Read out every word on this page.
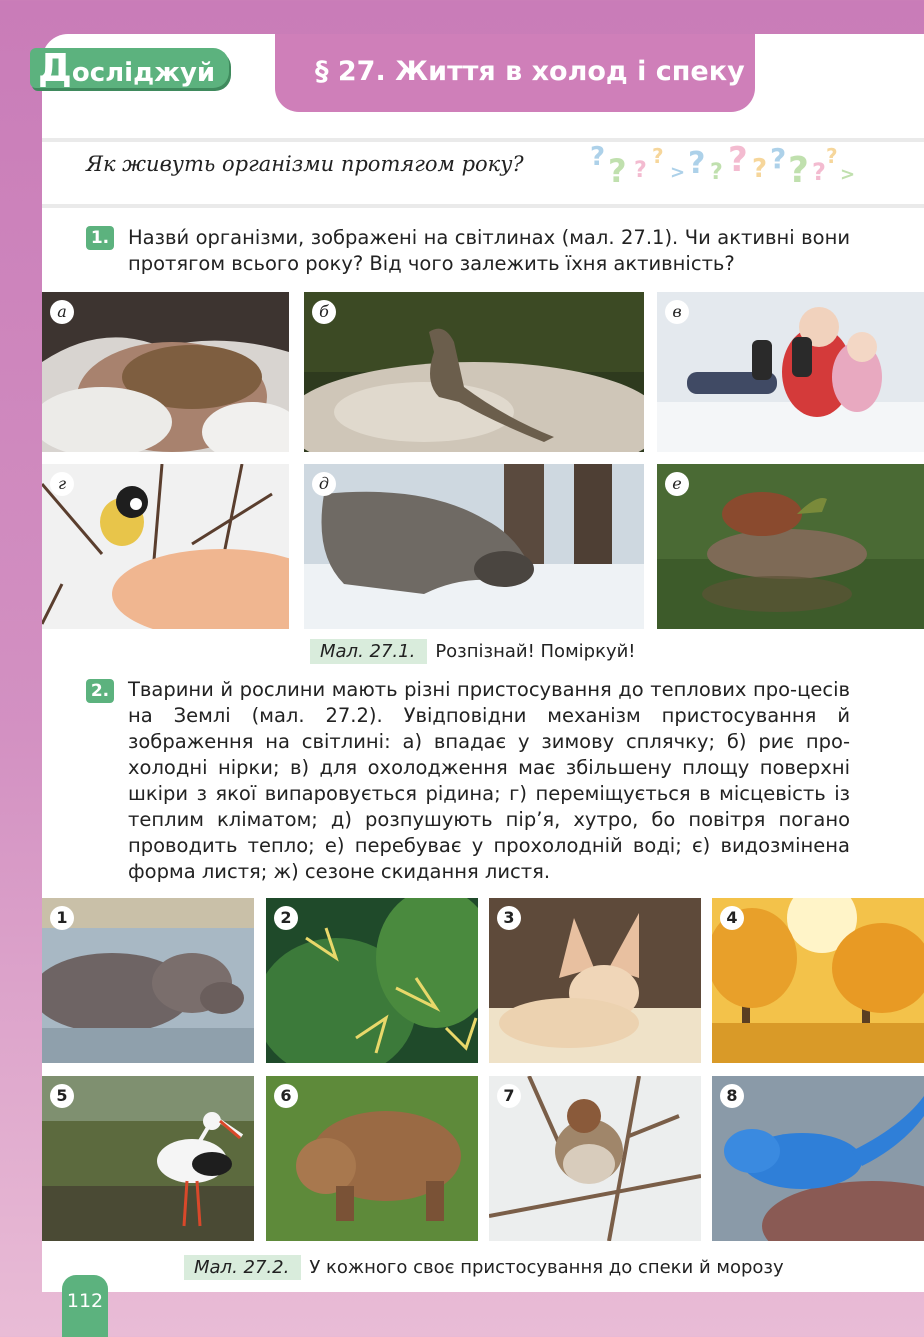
Досліджуй	§ 27. Життя в холод і спеку
Як живуть організми протягом року?	? ? ?
?
> ? ? ? ? ? ? ?
?
>
1. Назви́ організми, зображені на світлинах (мал. 27.1). Чи активні вони протягом всього року? Від чого залежить їхня активність?
а	б	в
г	д	е
Мал. 27.1. Розпізнай! Поміркуй!
2. Тварини й рослини мають різні пристосування до теплових про-цесів на Землі (мал. 27.2). Увідповідни механізм пристосування й зображення на світлині: а) впадає у зимову сплячку; б) риє про-холодні нірки; в) для охолодження має збільшену площу поверхні шкіри з якої випаровується рідина; г) переміщується в місцевість із теплим кліматом; д) розпушують пір’я, хутро, бо повітря погано проводить тепло; е) перебуває у прохолодній воді; є) видозмінена форма листя; ж) сезоне скидання листя.
1	2	3	4
5	6	7	8
Мал. 27.2. У кожного своє пристосування до спеки й морозу
112
